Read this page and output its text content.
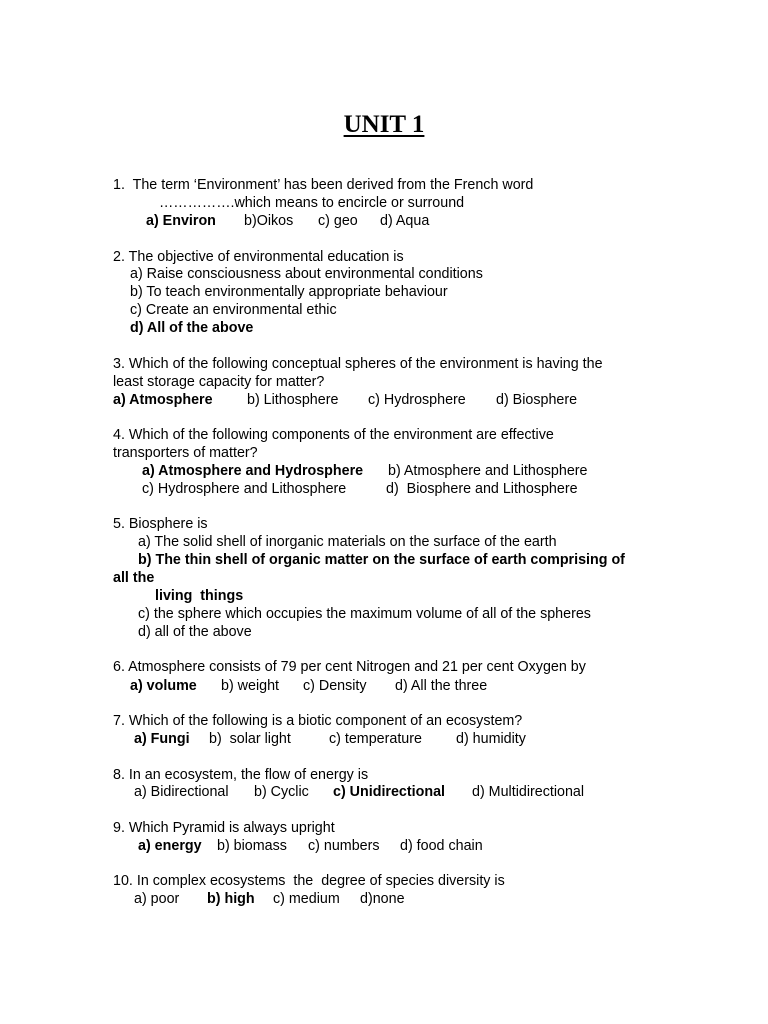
UNIT 1
1.  The term ‘Environment’ has been derived from the French word
…………….which means to encircle or surround
a) Environ b)Oikos c) geo d) Aqua
2. The objective of environmental education is
a) Raise consciousness about environmental conditions
b) To teach environmentally appropriate behaviour
c) Create an environmental ethic
d) All of the above
3. Which of the following conceptual spheres of the environment is having the
least storage capacity for matter?
a) Atmosphere b) Lithosphere c) Hydrosphere d) Biosphere
4. Which of the following components of the environment are effective
transporters of matter?
a) Atmosphere and Hydrosphere b) Atmosphere and Lithosphere
c) Hydrosphere and Lithosphere	d)  Biosphere and Lithosphere
5. Biosphere is
a) The solid shell of inorganic materials on the surface of the earth
b) The thin shell of organic matter on the surface of earth comprising of
all the
living  things
c) the sphere which occupies the maximum volume of all of the spheres
d) all of the above
6. Atmosphere consists of 79 per cent Nitrogen and 21 per cent Oxygen by
a) volume b) weight c) Density d) All the three
7. Which of the following is a biotic component of an ecosystem?
a) Fungi b)  solar light	c) temperature d) humidity
8. In an ecosystem, the flow of energy is
a) Bidirectional b) Cyclic c) Unidirectional d) Multidirectional
9. Which Pyramid is always upright
a) energy b) biomass c) numbers d) food chain
10. In complex ecosystems  the  degree of species diversity is
a) poor b) high c) medium d)none
